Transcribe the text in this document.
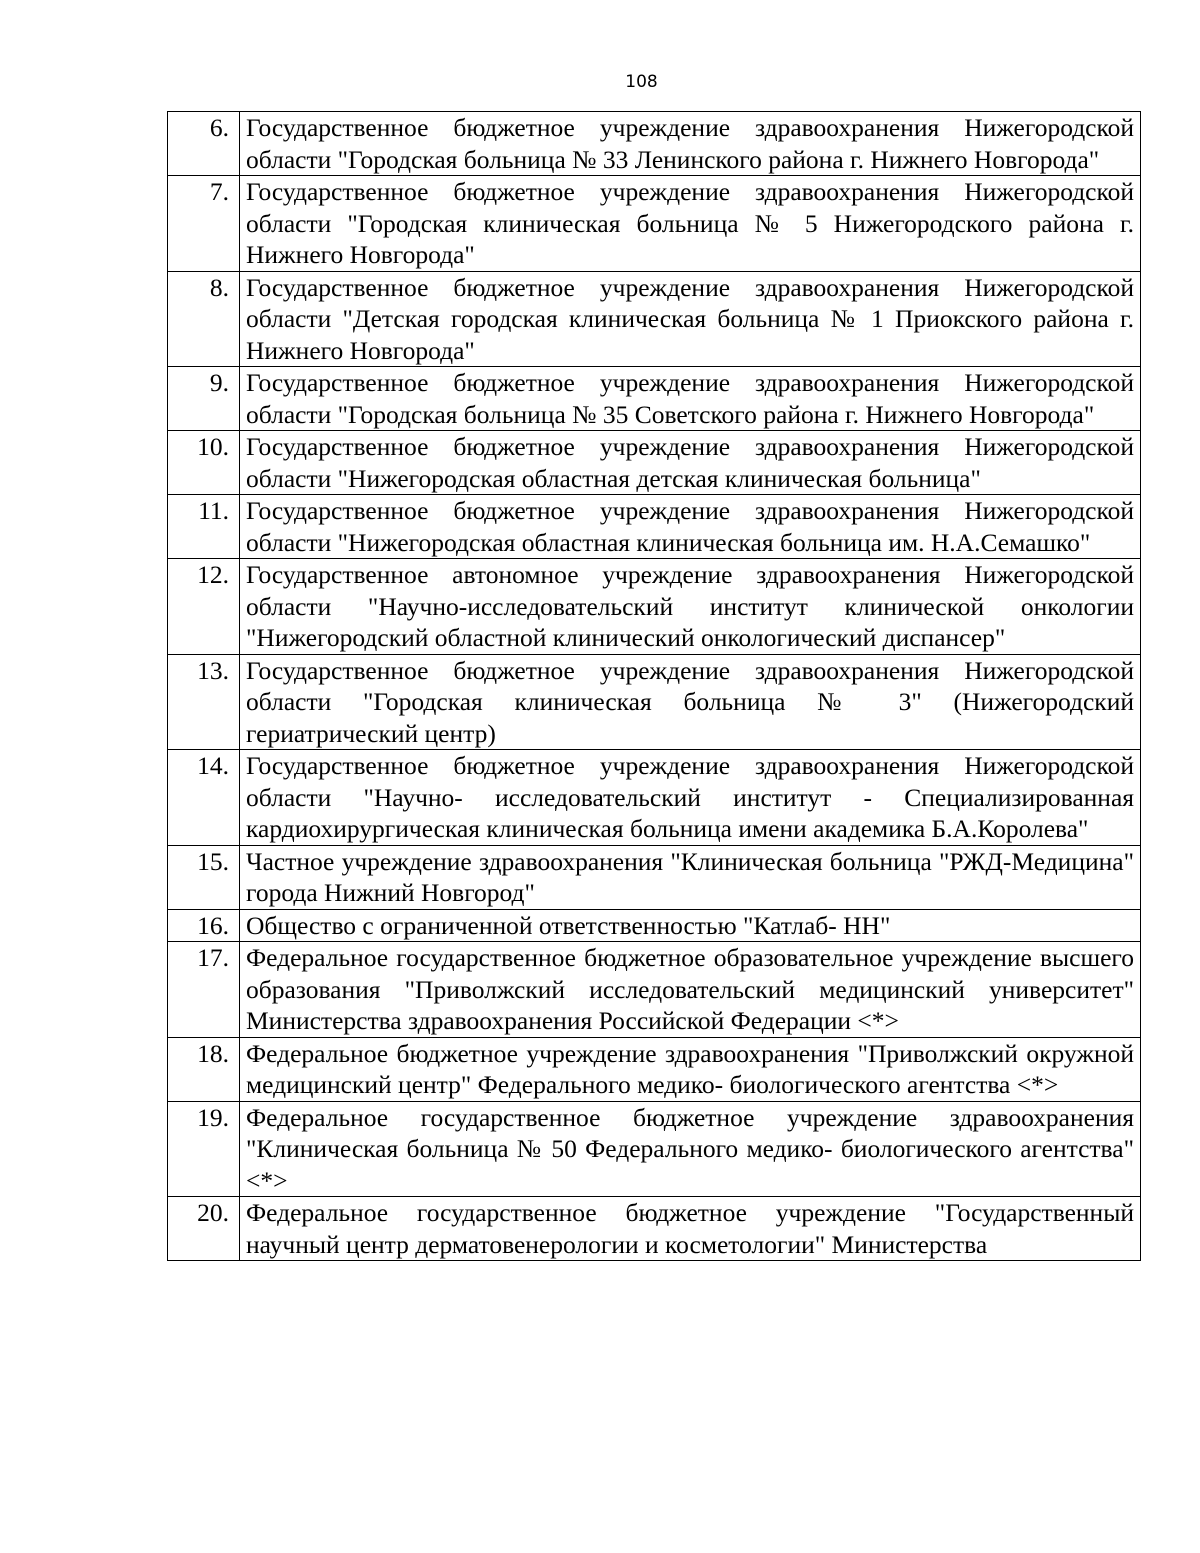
108
6.	Государственное бюджетное учреждение здравоохранения Нижегородской области "Городская больница № 33 Ленинского района г. Нижнего Новгорода"
7.	Государственное бюджетное учреждение здравоохранения Нижегородской области "Городская клиническая больница № 5 Нижегородского района г. Нижнего Новгорода"
8.	Государственное бюджетное учреждение здравоохранения Нижегородской области "Детская городская клиническая больница № 1 Приокского района г. Нижнего Новгорода"
9.	Государственное бюджетное учреждение здравоохранения Нижегородской области "Городская больница № 35 Советского района г. Нижнего Новгорода"
10.	Государственное бюджетное учреждение здравоохранения Нижегородской области "Нижегородская областная детская клиническая больница"
11.	Государственное бюджетное учреждение здравоохранения Нижегородской области "Нижегородская областная клиническая больница им. Н.А.Семашко"
12.	Государственное автономное учреждение здравоохранения Нижегородской области "Научно-исследовательский институт клинической онкологии "Нижегородский областной клинический онкологический диспансер"
13.	Государственное бюджетное учреждение здравоохранения Нижегородской области "Городская клиническая больница № 3" (Нижегородский гериатрический центр)
14.	Государственное бюджетное учреждение здравоохранения Нижегородской области "Научно- исследовательский институт - Специализированная кардиохирургическая клиническая больница имени академика Б.А.Королева"
15.	Частное учреждение здравоохранения "Клиническая больница "РЖД-Медицина" города Нижний Новгород"
16.	Общество с ограниченной ответственностью "Катлаб- НН"
17.	Федеральное государственное бюджетное образовательное учреждение высшего образования "Приволжский исследовательский медицинский университет" Министерства здравоохранения Российской Федерации <*>
18.	Федеральное бюджетное учреждение здравоохранения "Приволжский окружной медицинский центр" Федерального медико- биологического агентства <*>
19.	Федеральное государственное бюджетное учреждение здравоохранения "Клиническая больница № 50 Федерального медико- биологического агентства" <*>
20.	Федеральное государственное бюджетное учреждение "Государственный научный центр дерматовенерологии и косметологии" Министерства
